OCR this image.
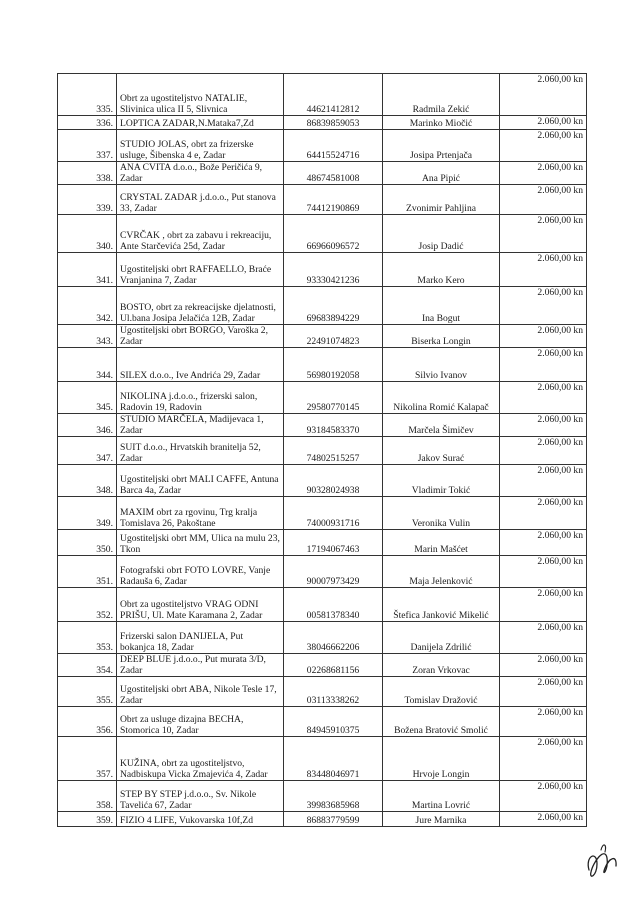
335.	Obrt za ugostiteljstvo NATALIE, Slivinica ulica II 5, Slivnica	44621412812	Radmila Zekić	2.060,00 kn
336.	LOPTICA ZADAR,N.Mataka7,Zd	86839859053	Marinko Miočić	2.060,00 kn
337.	STUDIO JOLAS, obrt za frizerske usluge, Šibenska 4 e, Zadar	64415524716	Josipa Prtenjača	2.060,00 kn
338.	ANA CVITA d.o.o., Bože Peričića 9, Zadar	48674581008	Ana Pipić	2.060,00 kn
339.	CRYSTAL ZADAR j.d.o.o., Put stanova 33, Zadar	74412190869	Zvonimir Pahljina	2.060,00 kn
340.	CVRČAK , obrt za zabavu i rekreaciju, Ante Starčevića 25d, Zadar	66966096572	Josip Dadić	2.060,00 kn
341.	Ugostiteljski obrt RAFFAELLO, Braće Vranjanina 7, Zadar	93330421236	Marko Kero	2.060,00 kn
342.	BOSTO, obrt za rekreacijske djelatnosti, Ul.bana Josipa Jelačića 12B, Zadar	69683894229	Ina Bogut	2.060,00 kn
343.	Ugostiteljski obrt BORGO, Varoška 2, Zadar	22491074823	Biserka Longin	2.060,00 kn
344.	SILEX d.o.o., Ive Andrića 29, Zadar	56980192058	Silvio Ivanov	2.060,00 kn
345.	NIKOLINA j.d.o.o., frizerski salon, Radovin 19, Radovin	29580770145	Nikolina Romić Kalapač	2.060,00 kn
346.	STUDIO MARČELA, Madijevaca 1, Zadar	93184583370	Marčela Šimičev	2.060,00 kn
347.	SUIT d.o.o., Hrvatskih branitelja 52, Zadar	74802515257	Jakov Surać	2.060,00 kn
348.	Ugostiteljski obrt MALI CAFFE, Antuna Barca 4a, Zadar	90328024938	Vladimir Tokić	2.060,00 kn
349.	MAXIM obrt za rgovinu, Trg kralja Tomislava 26, Pakoštane	74000931716	Veronika Vulin	2.060,00 kn
350.	Ugostiteljski obrt MM, Ulica na mulu 23, Tkon	17194067463	Marin Mašćet	2.060,00 kn
351.	Fotografski obrt FOTO LOVRE, Vanje Radauša 6, Zadar	90007973429	Maja Jelenković	2.060,00 kn
352.	Obrt za ugostiteljstvo VRAG ODNI PRIŠU, Ul. Mate Karamana 2, Zadar	00581378340	Štefica Janković Mikelić	2.060,00 kn
353.	Frizerski salon DANIJELA, Put bokanjca 18, Zadar	38046662206	Danijela Zdrilić	2.060,00 kn
354.	DEEP BLUE j.d.o.o., Put murata 3/D, Zadar	02268681156	Zoran Vrkovac	2.060,00 kn
355.	Ugostiteljski obrt ABA, Nikole Tesle 17, Zadar	03113338262	Tomislav Dražović	2.060,00 kn
356.	Obrt za usluge dizajna BECHA, Stomorica 10, Zadar	84945910375	Božena Bratović Smolić	2.060,00 kn
357.	KUŽINA, obrt za ugostiteljstvo, Nadbiskupa Vicka Zmajevića 4, Zadar	83448046971	Hrvoje Longin	2.060,00 kn
358.	STEP BY STEP j.d.o.o., Sv. Nikole Tavelića 67, Zadar	39983685968	Martina Lovrić	2.060,00 kn
359.	FIZIO 4 LIFE, Vukovarska 10f,Zd	86883779599	Jure Marnika	2.060,00 kn
